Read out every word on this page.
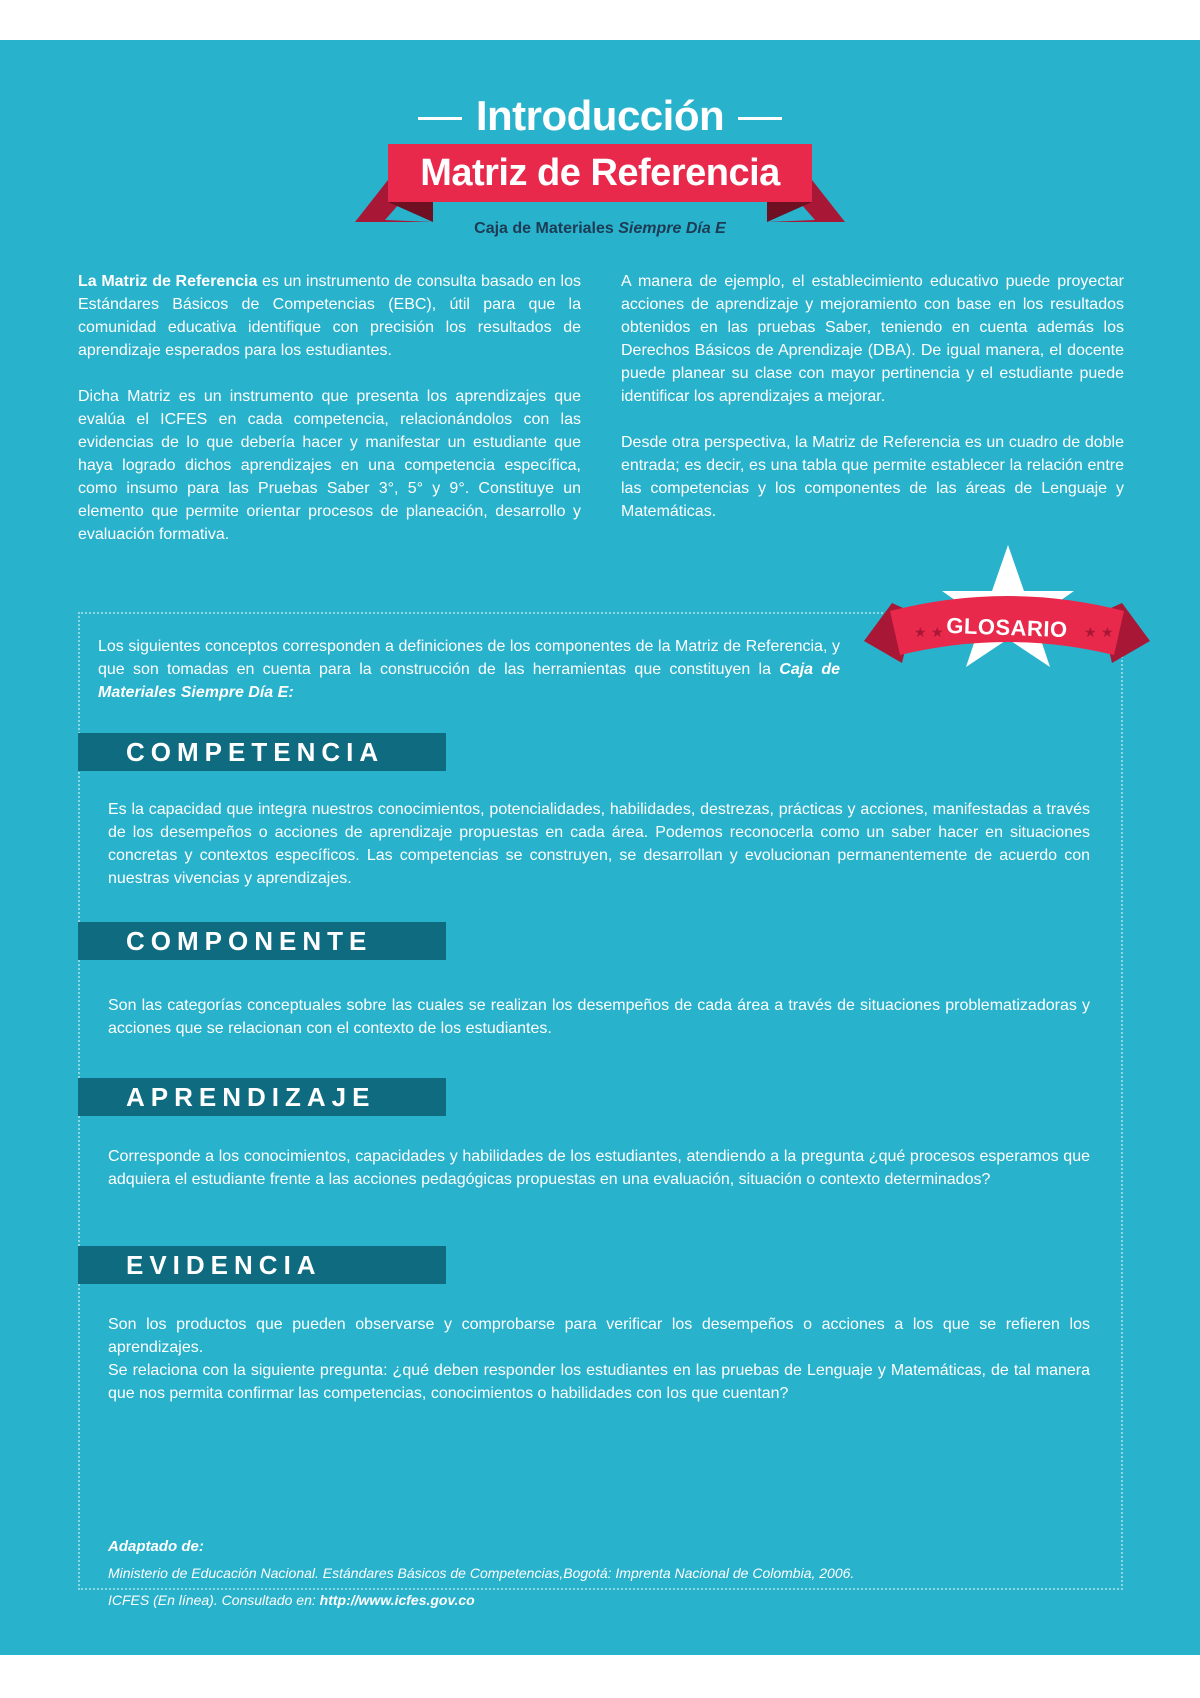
Introducción
Matriz de Referencia
Caja de Materiales Siempre Día E

La Matriz de Referencia es un instrumento de consulta basado en los Estándares Básicos de Competencias (EBC), útil para que la comunidad educativa identifique con precisión los resultados de aprendizaje esperados para los estudiantes.

Dicha Matriz es un instrumento que presenta los aprendizajes que evalúa el ICFES en cada competencia, relacionándolos con las evidencias de lo que debería hacer y manifestar un estudiante que haya logrado dichos aprendizajes en una competencia específica, como insumo para las Pruebas Saber 3°, 5° y 9°. Constituye un elemento que permite orientar procesos de planeación, desarrollo y evaluación formativa.

A manera de ejemplo, el establecimiento educativo puede proyectar acciones de aprendizaje y mejoramiento con base en los resultados obtenidos en las pruebas Saber, teniendo en cuenta además los Derechos Básicos de Aprendizaje (DBA). De igual manera, el docente puede planear su clase con mayor pertinencia y el estudiante puede identificar los aprendizajes a mejorar.

Desde otra perspectiva, la Matriz de Referencia es un cuadro de doble entrada; es decir, es una tabla que permite establecer la relación entre las competencias y los componentes de las áreas de Lenguaje y Matemáticas.

Los siguientes conceptos corresponden a definiciones de los componentes de la Matriz de Referencia, y que son tomadas en cuenta para la construcción de las herramientas que constituyen la Caja de Materiales Siempre Día E:

★ ★	★ ★
GLOSARIO
COMPETENCIA

Es la capacidad que integra nuestros conocimientos, potencialidades, habilidades, destrezas, prácticas y acciones, manifestadas a través de los desempeños o acciones de aprendizaje propuestas en cada área. Podemos reconocerla como un saber hacer en situaciones concretas y contextos específicos. Las competencias se construyen, se desarrollan y evolucionan permanentemente de acuerdo con nuestras vivencias y aprendizajes.

COMPONENTE

Son las categorías conceptuales sobre las cuales se realizan los desempeños de cada área a través de situaciones problematizadoras y acciones que se relacionan con el contexto de los estudiantes.

APRENDIZAJE

Corresponde a los conocimientos, capacidades y habilidades de los estudiantes, atendiendo a la pregunta ¿qué procesos esperamos que adquiera el estudiante frente a las acciones pedagógicas propuestas en una evaluación, situación o contexto determinados?

EVIDENCIA

Son los productos que pueden observarse y comprobarse para verificar los desempeños o acciones a los que se refieren los aprendizajes.

Se relaciona con la siguiente pregunta: ¿qué deben responder los estudiantes en las pruebas de Lenguaje y Matemáticas, de tal manera que nos permita confirmar las competencias, conocimientos o habilidades con los que cuentan?

Adaptado de:
Ministerio de Educación Nacional. Estándares Básicos de Competencias,Bogotá: Imprenta Nacional de Colombia, 2006.
ICFES (En línea). Consultado en: http://www.icfes.gov.co
